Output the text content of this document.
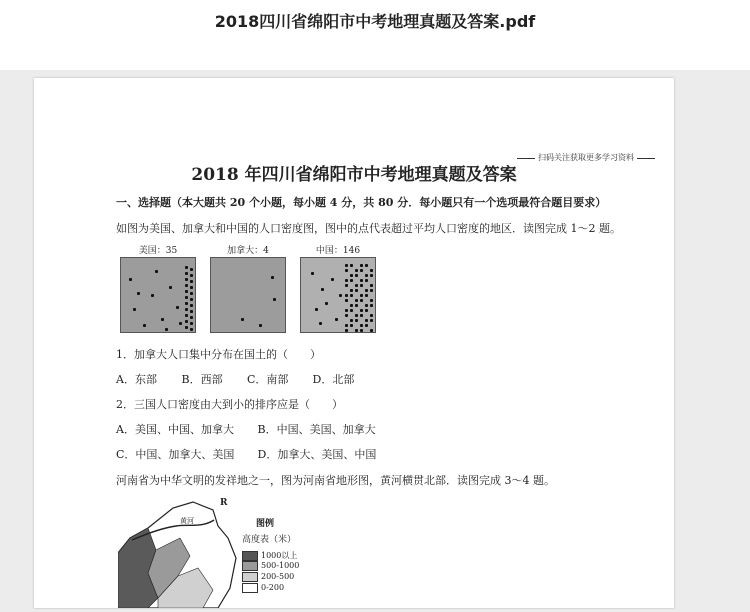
2018四川省绵阳市中考地理真题及答案.pdf
扫码关注获取更多学习资料
2018 年四川省绵阳市中考地理真题及答案
一、选择题（本大题共 20 个小题，每小题 4 分，共 80 分．每小题只有一个选项最符合题目要求）
如图为美国、加拿大和中国的人口密度图，图中的点代表超过平均人口密度的地区．读图完成 1～2 题。
美国：35	加拿大：4	中国：146
1．加拿大人口集中分布在国土的（　　）
A．东部 B．西部 C．南部 D．北部
2．三国人口密度由大到小的排序应是（　　）
A．美国、中国、加拿大 B．中国、美国、加拿大
C．中国、加拿大、美国 D．加拿大、美国、中国
河南省为中华文明的发祥地之一，图为河南省地形图，黄河横贯北部．读图完成 3～4 题。
黄河
R
图例
高度表（米）
1000以上
500-1000
200-500
0-200
